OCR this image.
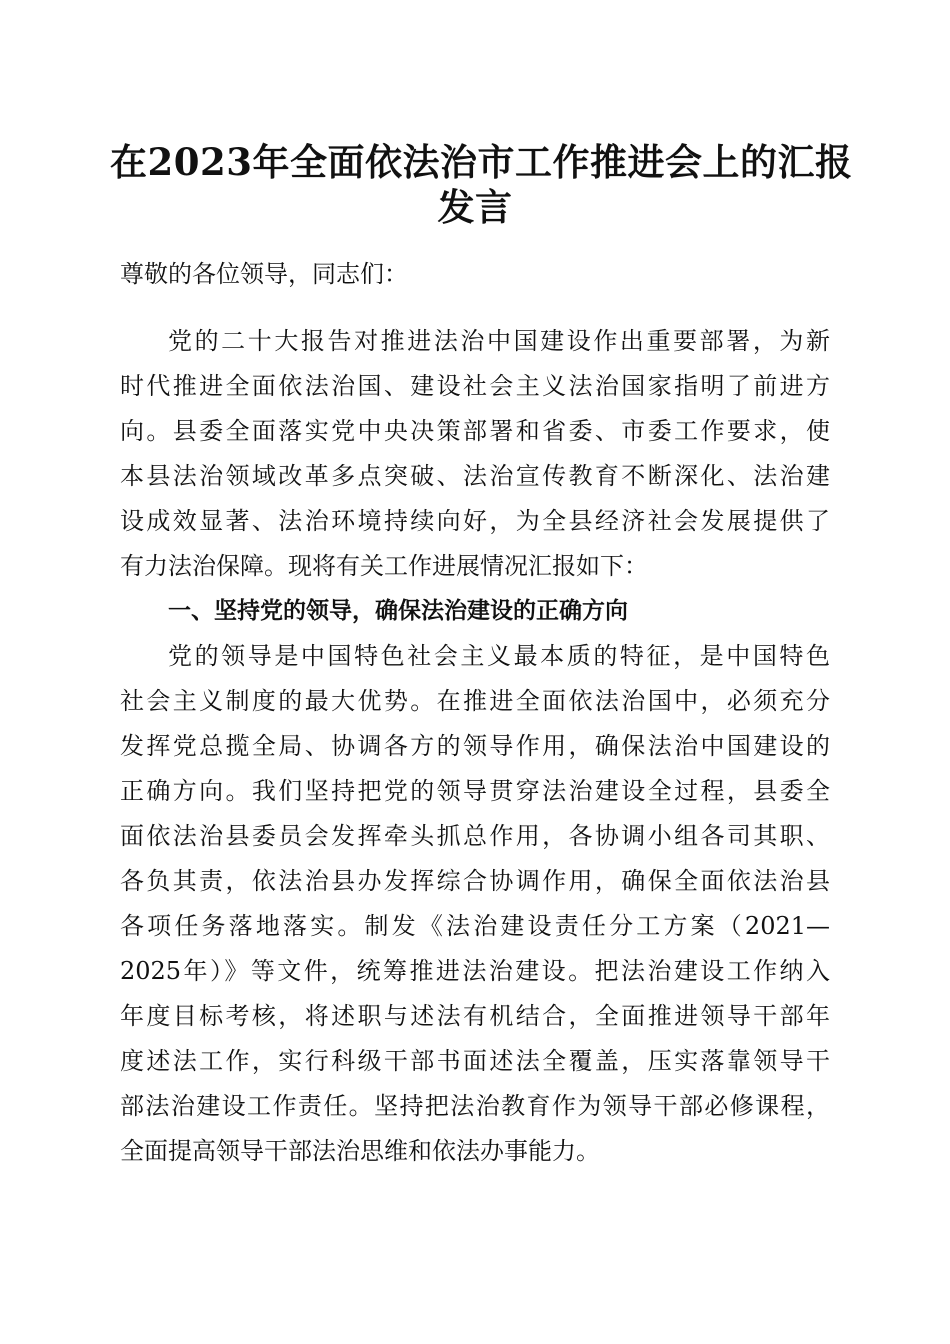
在2023年全面依法治市工作推进会上的汇报
发言

尊敬的各位领导，同志们：

党的二十大报告对推进法治中国建设作出重要部署，为新

时代推进全面依法治国、建设社会主义法治国家指明了前进方

向。县委全面落实党中央决策部署和省委、市委工作要求，使

本县法治领域改革多点突破、法治宣传教育不断深化、法治建

设成效显著、法治环境持续向好，为全县经济社会发展提供了

有力法治保障。现将有关工作进展情况汇报如下：

一、坚持党的领导，确保法治建设的正确方向

党的领导是中国特色社会主义最本质的特征，是中国特色

社会主义制度的最大优势。在推进全面依法治国中，必须充分

发挥党总揽全局、协调各方的领导作用，确保法治中国建设的

正确方向。我们坚持把党的领导贯穿法治建设全过程，县委全

面依法治县委员会发挥牵头抓总作用，各协调小组各司其职、

各负其责，依法治县办发挥综合协调作用，确保全面依法治县

各项任务落地落实。制发《法治建设责任分工方案（2021—

2025年）》等文件，统筹推进法治建设。把法治建设工作纳入

年度目标考核，将述职与述法有机结合，全面推进领导干部年

度述法工作，实行科级干部书面述法全覆盖，压实落靠领导干

部法治建设工作责任。坚持把法治教育作为领导干部必修课程，

全面提高领导干部法治思维和依法办事能力。
